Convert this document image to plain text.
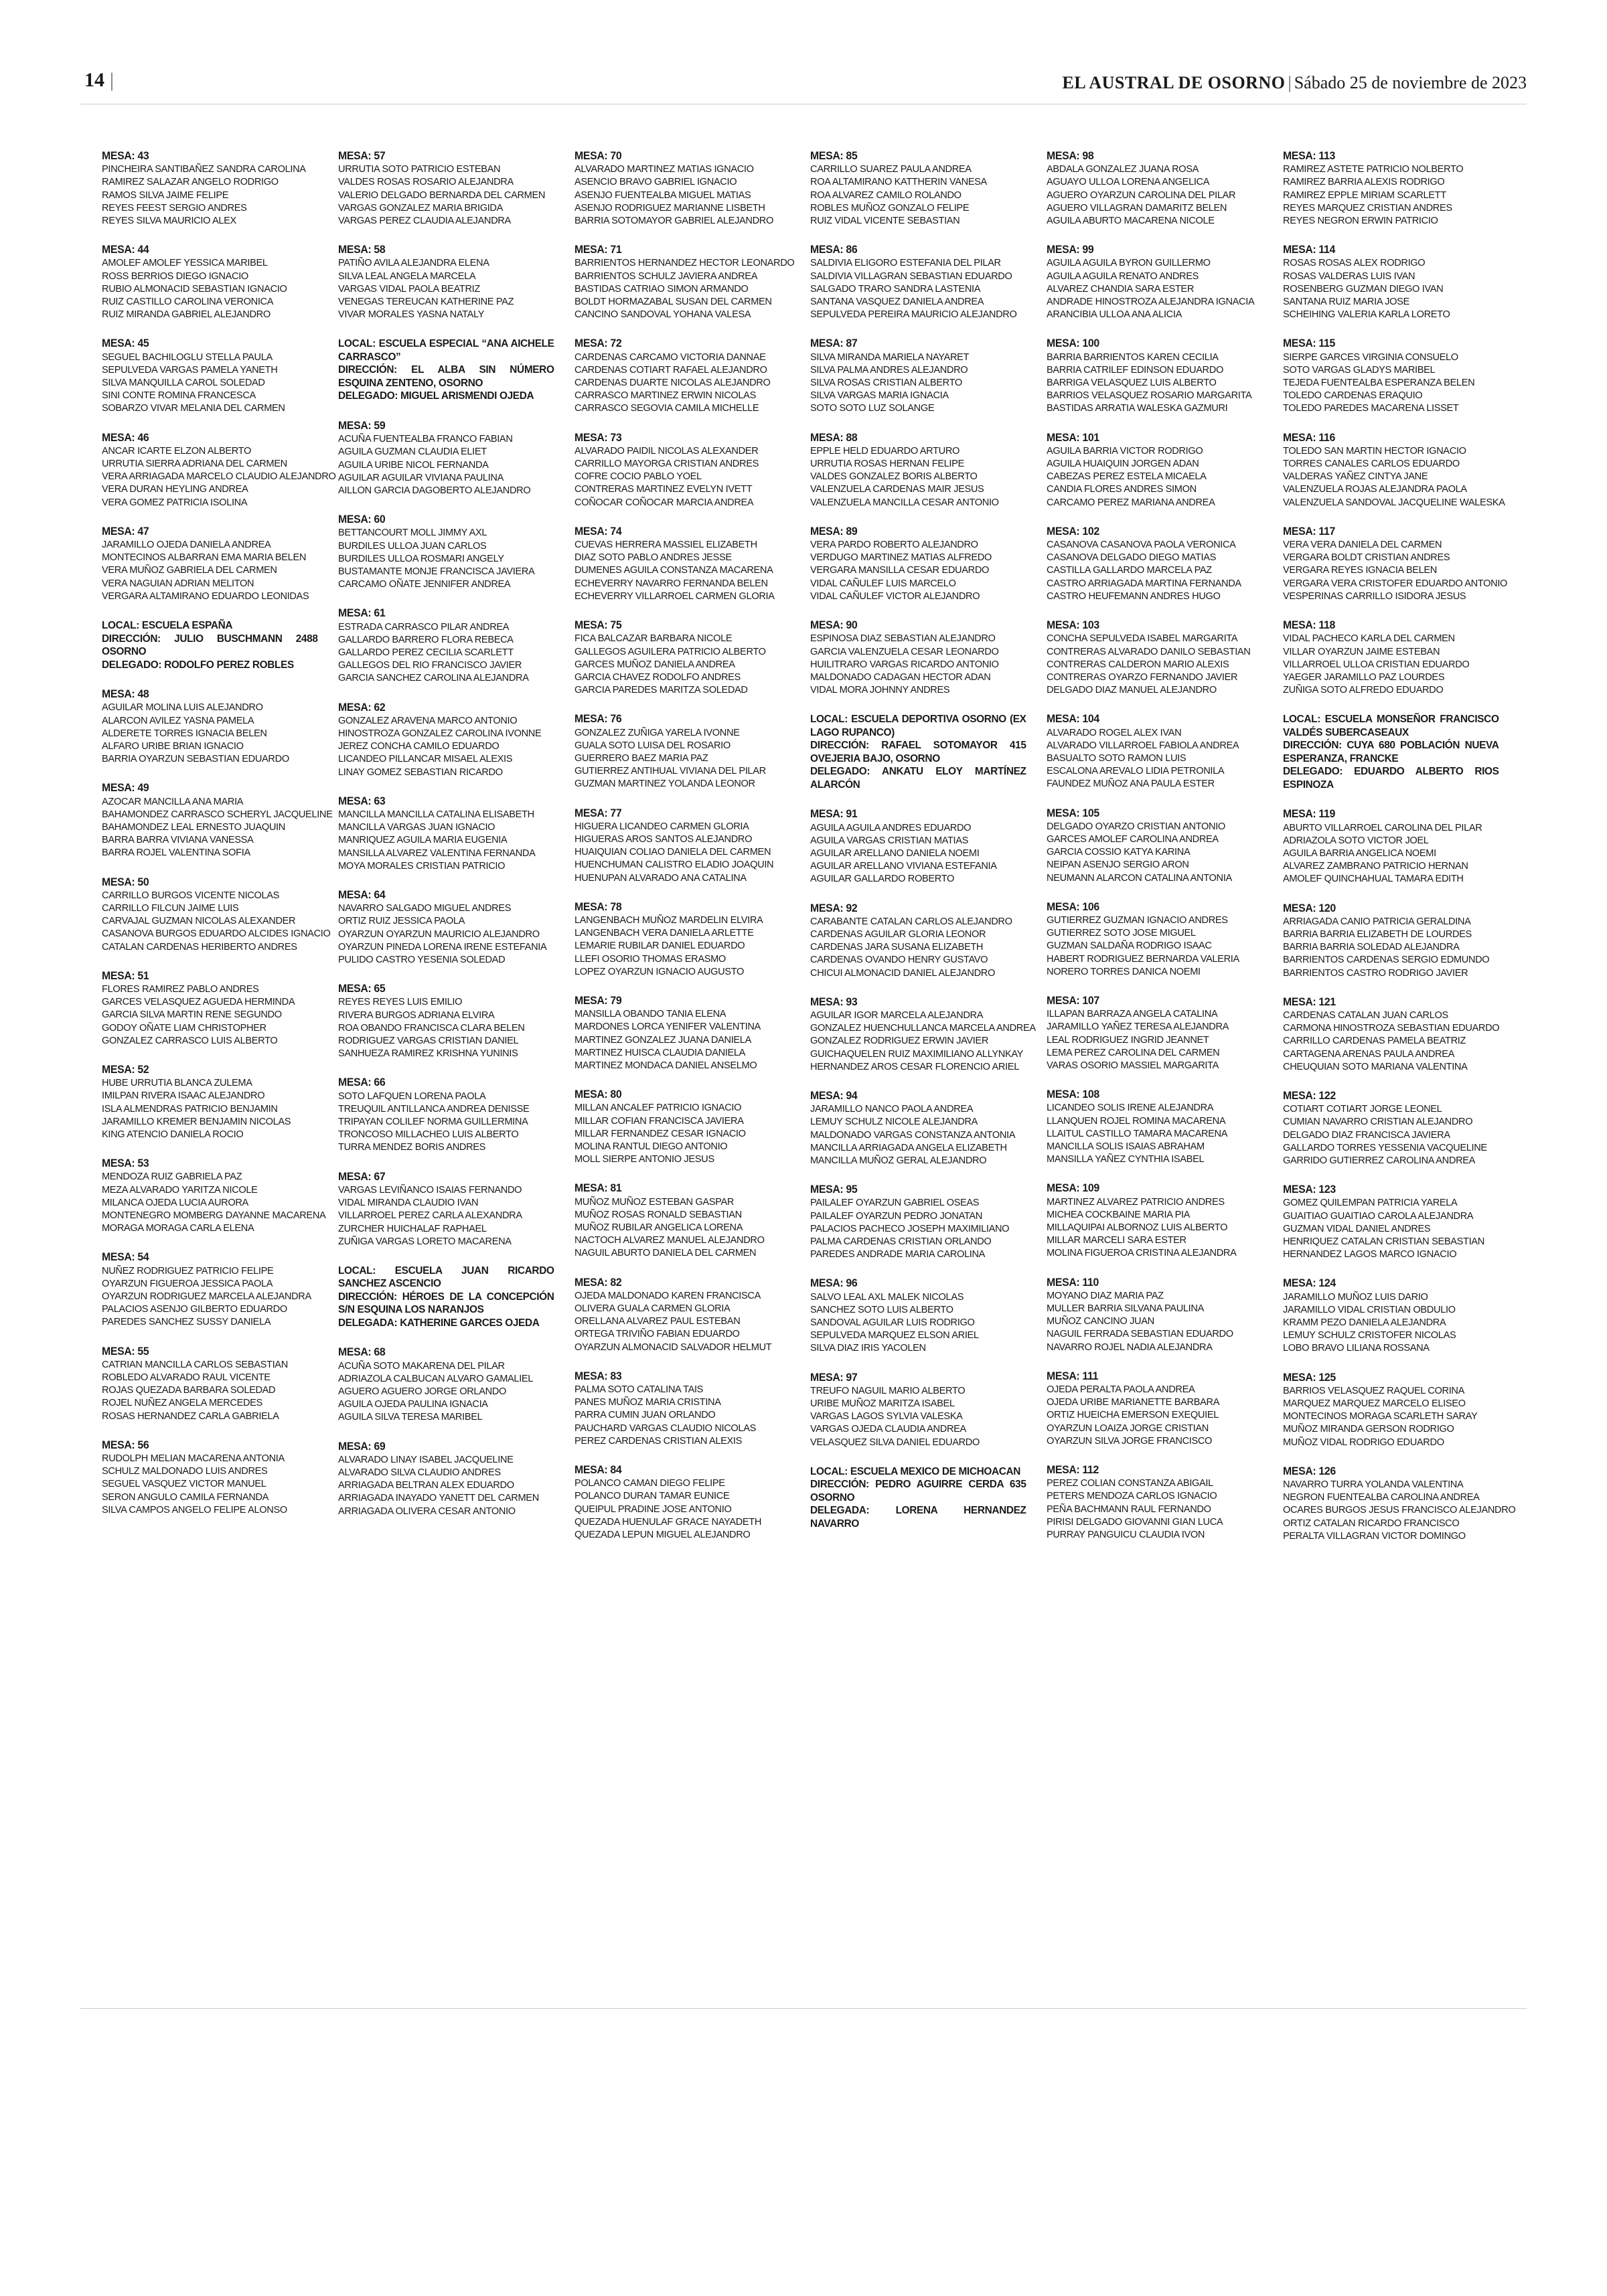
14 |	EL AUSTRAL DE OSORNO | Sábado 25 de noviembre de 2023
MESA: 43
PINCHEIRA SANTIBAÑEZ SANDRA CAROLINA
RAMIREZ SALAZAR ANGELO RODRIGO
RAMOS SILVA JAIME FELIPE
REYES FEEST SERGIO ANDRES
REYES SILVA MAURICIO ALEX
MESA: 44
AMOLEF AMOLEF YESSICA MARIBEL
ROSS BERRIOS DIEGO IGNACIO
RUBIO ALMONACID SEBASTIAN IGNACIO
RUIZ CASTILLO CAROLINA VERONICA
RUIZ MIRANDA GABRIEL ALEJANDRO
MESA: 45
SEGUEL BACHILOGLU STELLA PAULA
SEPULVEDA VARGAS PAMELA YANETH
SILVA MANQUILLA CAROL SOLEDAD
SINI CONTE ROMINA FRANCESCA
SOBARZO VIVAR MELANIA DEL CARMEN
MESA: 46
ANCAR ICARTE ELZON ALBERTO
URRUTIA SIERRA ADRIANA DEL CARMEN
VERA ARRIAGADA MARCELO CLAUDIO ALEJANDRO
VERA DURAN HEYLING ANDREA
VERA GOMEZ PATRICIA ISOLINA
MESA: 47
JARAMILLO OJEDA DANIELA ANDREA
MONTECINOS ALBARRAN EMA MARIA BELEN
VERA MUÑOZ GABRIELA DEL CARMEN
VERA NAGUIAN ADRIAN MELITON
VERGARA ALTAMIRANO EDUARDO LEONIDAS
LOCAL: ESCUELA ESPAÑA
DIRECCIÓN: JULIO BUSCHMANN 2488 OSORNO
DELEGADO: RODOLFO PEREZ ROBLES
MESA: 48
AGUILAR MOLINA LUIS ALEJANDRO
ALARCON AVILEZ YASNA PAMELA
ALDERETE TORRES IGNACIA BELEN
ALFARO URIBE BRIAN IGNACIO
BARRIA OYARZUN SEBASTIAN EDUARDO
MESA: 49
AZOCAR MANCILLA ANA MARIA
BAHAMONDEZ CARRASCO SCHERYL JACQUELINE
BAHAMONDEZ LEAL ERNESTO JUAQUIN
BARRA BARRA VIVIANA VANESSA
BARRA ROJEL VALENTINA SOFIA
MESA: 50
CARRILLO BURGOS VICENTE NICOLAS
CARRILLO FILCUN JAIME LUIS
CARVAJAL GUZMAN NICOLAS ALEXANDER
CASANOVA BURGOS EDUARDO ALCIDES IGNACIO
CATALAN CARDENAS HERIBERTO ANDRES
MESA: 51
FLORES RAMIREZ PABLO ANDRES
GARCES VELASQUEZ AGUEDA HERMINDA
GARCIA SILVA MARTIN RENE SEGUNDO
GODOY OÑATE LIAM CHRISTOPHER
GONZALEZ CARRASCO LUIS ALBERTO
MESA: 52
HUBE URRUTIA BLANCA ZULEMA
IMILPAN RIVERA ISAAC ALEJANDRO
ISLA ALMENDRAS PATRICIO BENJAMIN
JARAMILLO KREMER BENJAMIN NICOLAS
KING ATENCIO DANIELA ROCIO
MESA: 53
MENDOZA RUIZ GABRIELA PAZ
MEZA ALVARADO YARITZA NICOLE
MILANCA OJEDA LUCIA AURORA
MONTENEGRO MOMBERG DAYANNE MACARENA
MORAGA MORAGA CARLA ELENA
MESA: 54
NUÑEZ RODRIGUEZ PATRICIO FELIPE
OYARZUN FIGUEROA JESSICA PAOLA
OYARZUN RODRIGUEZ MARCELA ALEJANDRA
PALACIOS ASENJO GILBERTO EDUARDO
PAREDES SANCHEZ SUSSY DANIELA
MESA: 55
CATRIAN MANCILLA CARLOS SEBASTIAN
ROBLEDO ALVARADO RAUL VICENTE
ROJAS QUEZADA BARBARA SOLEDAD
ROJEL NUÑEZ ANGELA MERCEDES
ROSAS HERNANDEZ CARLA GABRIELA
MESA: 56
RUDOLPH MELIAN MACARENA ANTONIA
SCHULZ MALDONADO LUIS ANDRES
SEGUEL VASQUEZ VICTOR MANUEL
SERON ANGULO CAMILA FERNANDA
SILVA CAMPOS ANGELO FELIPE ALONSO
MESA: 57
URRUTIA SOTO PATRICIO ESTEBAN
VALDES ROSAS ROSARIO ALEJANDRA
VALERIO DELGADO BERNARDA DEL CARMEN
VARGAS GONZALEZ MARIA BRIGIDA
VARGAS PEREZ CLAUDIA ALEJANDRA
MESA: 58
PATIÑO AVILA ALEJANDRA ELENA
SILVA LEAL ANGELA MARCELA
VARGAS VIDAL PAOLA BEATRIZ
VENEGAS TEREUCAN KATHERINE PAZ
VIVAR MORALES YASNA NATALY
LOCAL: ESCUELA ESPECIAL “ANA AICHELE CARRASCO”
DIRECCIÓN: EL ALBA SIN NÚMERO ESQUINA ZENTENO, OSORNO
DELEGADO: MIGUEL ARISMENDI OJEDA
MESA: 59
ACUÑA FUENTEALBA FRANCO FABIAN
AGUILA GUZMAN CLAUDIA ELIET
AGUILA URIBE NICOL FERNANDA
AGUILAR AGUILAR VIVIANA PAULINA
AILLON GARCIA DAGOBERTO ALEJANDRO
MESA: 60
BETTANCOURT MOLL JIMMY AXL
BURDILES ULLOA JUAN CARLOS
BURDILES ULLOA ROSMARI ANGELY
BUSTAMANTE MONJE FRANCISCA JAVIERA
CARCAMO OÑATE JENNIFER ANDREA
MESA: 61
ESTRADA CARRASCO PILAR ANDREA
GALLARDO BARRERO FLORA REBECA
GALLARDO PEREZ CECILIA SCARLETT
GALLEGOS DEL RIO FRANCISCO JAVIER
GARCIA SANCHEZ CAROLINA ALEJANDRA
MESA: 62
GONZALEZ ARAVENA MARCO ANTONIO
HINOSTROZA GONZALEZ CAROLINA IVONNE
JEREZ CONCHA CAMILO EDUARDO
LICANDEO PILLANCAR MISAEL ALEXIS
LINAY GOMEZ SEBASTIAN RICARDO
MESA: 63
MANCILLA MANCILLA CATALINA ELISABETH
MANCILLA VARGAS JUAN IGNACIO
MANRIQUEZ AGUILA MARIA EUGENIA
MANSILLA ALVAREZ VALENTINA FERNANDA
MOYA MORALES CRISTIAN PATRICIO
MESA: 64
NAVARRO SALGADO MIGUEL ANDRES
ORTIZ RUIZ JESSICA PAOLA
OYARZUN OYARZUN MAURICIO ALEJANDRO
OYARZUN PINEDA LORENA IRENE ESTEFANIA
PULIDO CASTRO YESENIA SOLEDAD
MESA: 65
REYES REYES LUIS EMILIO
RIVERA BURGOS ADRIANA ELVIRA
ROA OBANDO FRANCISCA CLARA BELEN
RODRIGUEZ VARGAS CRISTIAN DANIEL
SANHUEZA RAMIREZ KRISHNA YUNINIS
MESA: 66
SOTO LAFQUEN LORENA PAOLA
TREUQUIL ANTILLANCA ANDREA DENISSE
TRIPAYAN COLILEF NORMA GUILLERMINA
TRONCOSO MILLACHEO LUIS ALBERTO
TURRA MENDEZ BORIS ANDRES
MESA: 67
VARGAS LEVIÑANCO ISAIAS FERNANDO
VIDAL MIRANDA CLAUDIO IVAN
VILLARROEL PEREZ CARLA ALEXANDRA
ZURCHER HUICHALAF RAPHAEL
ZUÑIGA VARGAS LORETO MACARENA
LOCAL: ESCUELA JUAN RICARDO SANCHEZ ASCENCIO
DIRECCIÓN: HÉROES DE LA CONCEPCIÓN S/N ESQUINA LOS NARANJOS
DELEGADA: KATHERINE GARCES OJEDA
MESA: 68
ACUÑA SOTO MAKARENA DEL PILAR
ADRIAZOLA CALBUCAN ALVARO GAMALIEL
AGUERO AGUERO JORGE ORLANDO
AGUILA OJEDA PAULINA IGNACIA
AGUILA SILVA TERESA MARIBEL
MESA: 69
ALVARADO LINAY ISABEL JACQUELINE
ALVARADO SILVA CLAUDIO ANDRES
ARRIAGADA BELTRAN ALEX EDUARDO
ARRIAGADA INAYADO YANETT DEL CARMEN
ARRIAGADA OLIVERA CESAR ANTONIO
MESA: 70
ALVARADO MARTINEZ MATIAS IGNACIO
ASENCIO BRAVO GABRIEL IGNACIO
ASENJO FUENTEALBA MIGUEL MATIAS
ASENJO RODRIGUEZ MARIANNE LISBETH
BARRIA SOTOMAYOR GABRIEL ALEJANDRO
MESA: 71
BARRIENTOS HERNANDEZ HECTOR LEONARDO
BARRIENTOS SCHULZ JAVIERA ANDREA
BASTIDAS CATRIAO SIMON ARMANDO
BOLDT HORMAZABAL SUSAN DEL CARMEN
CANCINO SANDOVAL YOHANA VALESA
MESA: 72
CARDENAS CARCAMO VICTORIA DANNAE
CARDENAS COTIART RAFAEL ALEJANDRO
CARDENAS DUARTE NICOLAS ALEJANDRO
CARRASCO MARTINEZ ERWIN NICOLAS
CARRASCO SEGOVIA CAMILA MICHELLE
MESA: 73
ALVARADO PAIDIL NICOLAS ALEXANDER
CARRILLO MAYORGA CRISTIAN ANDRES
COFRE COCIO PABLO YOEL
CONTRERAS MARTINEZ EVELYN IVETT
COÑOCAR COÑOCAR MARCIA ANDREA
MESA: 74
CUEVAS HERRERA MASSIEL ELIZABETH
DIAZ SOTO PABLO ANDRES JESSE
DUMENES AGUILA CONSTANZA MACARENA
ECHEVERRY NAVARRO FERNANDA BELEN
ECHEVERRY VILLARROEL CARMEN GLORIA
MESA: 75
FICA BALCAZAR BARBARA NICOLE
GALLEGOS AGUILERA PATRICIO ALBERTO
GARCES MUÑOZ DANIELA ANDREA
GARCIA CHAVEZ RODOLFO ANDRES
GARCIA PAREDES MARITZA SOLEDAD
MESA: 76
GONZALEZ ZUÑIGA YARELA IVONNE
GUALA SOTO LUISA DEL ROSARIO
GUERRERO BAEZ MARIA PAZ
GUTIERREZ ANTIHUAL VIVIANA DEL PILAR
GUZMAN MARTINEZ YOLANDA LEONOR
MESA: 77
HIGUERA LICANDEO CARMEN GLORIA
HIGUERAS AROS SANTOS ALEJANDRO
HUAIQUIAN COLIAO DANIELA DEL CARMEN
HUENCHUMAN CALISTRO ELADIO JOAQUIN
HUENUPAN ALVARADO ANA CATALINA
MESA: 78
LANGENBACH MUÑOZ MARDELIN ELVIRA
LANGENBACH VERA DANIELA ARLETTE
LEMARIE RUBILAR DANIEL EDUARDO
LLEFI OSORIO THOMAS ERASMO
LOPEZ OYARZUN IGNACIO AUGUSTO
MESA: 79
MANSILLA OBANDO TANIA ELENA
MARDONES LORCA YENIFER VALENTINA
MARTINEZ GONZALEZ JUANA DANIELA
MARTINEZ HUISCA CLAUDIA DANIELA
MARTINEZ MONDACA DANIEL ANSELMO
MESA: 80
MILLAN ANCALEF PATRICIO IGNACIO
MILLAR COFIAN FRANCISCA JAVIERA
MILLAR FERNANDEZ CESAR IGNACIO
MOLINA RANTUL DIEGO ANTONIO
MOLL SIERPE ANTONIO JESUS
MESA: 81
MUÑOZ MUÑOZ ESTEBAN GASPAR
MUÑOZ ROSAS RONALD SEBASTIAN
MUÑOZ RUBILAR ANGELICA LORENA
NACTOCH ALVAREZ MANUEL ALEJANDRO
NAGUIL ABURTO DANIELA DEL CARMEN
MESA: 82
OJEDA MALDONADO KAREN FRANCISCA
OLIVERA GUALA CARMEN GLORIA
ORELLANA ALVAREZ PAUL ESTEBAN
ORTEGA TRIVIÑO FABIAN EDUARDO
OYARZUN ALMONACID SALVADOR HELMUT
MESA: 83
PALMA SOTO CATALINA TAIS
PANES MUÑOZ MARIA CRISTINA
PARRA CUMIN JUAN ORLANDO
PAUCHARD VARGAS CLAUDIO NICOLAS
PEREZ CARDENAS CRISTIAN ALEXIS
MESA: 84
POLANCO CAMAN DIEGO FELIPE
POLANCO DURAN TAMAR EUNICE
QUEIPUL PRADINE JOSE ANTONIO
QUEZADA HUENULAF GRACE NAYADETH
QUEZADA LEPUN MIGUEL ALEJANDRO
MESA: 85
CARRILLO SUAREZ PAULA ANDREA
ROA ALTAMIRANO KATTHERIN VANESA
ROA ALVAREZ CAMILO ROLANDO
ROBLES MUÑOZ GONZALO FELIPE
RUIZ VIDAL VICENTE SEBASTIAN
MESA: 86
SALDIVIA ELIGORO ESTEFANIA DEL PILAR
SALDIVIA VILLAGRAN SEBASTIAN EDUARDO
SALGADO TRARO SANDRA LASTENIA
SANTANA VASQUEZ DANIELA ANDREA
SEPULVEDA PEREIRA MAURICIO ALEJANDRO
MESA: 87
SILVA MIRANDA MARIELA NAYARET
SILVA PALMA ANDRES ALEJANDRO
SILVA ROSAS CRISTIAN ALBERTO
SILVA VARGAS MARIA IGNACIA
SOTO SOTO LUZ SOLANGE
MESA: 88
EPPLE HELD EDUARDO ARTURO
URRUTIA ROSAS HERNAN FELIPE
VALDES GONZALEZ BORIS ALBERTO
VALENZUELA CARDENAS MAIR JESUS
VALENZUELA MANCILLA CESAR ANTONIO
MESA: 89
VERA PARDO ROBERTO ALEJANDRO
VERDUGO MARTINEZ MATIAS ALFREDO
VERGARA MANSILLA CESAR EDUARDO
VIDAL CAÑULEF LUIS MARCELO
VIDAL CAÑULEF VICTOR ALEJANDRO
MESA: 90
ESPINOSA DIAZ SEBASTIAN ALEJANDRO
GARCIA VALENZUELA CESAR LEONARDO
HUILITRARO VARGAS RICARDO ANTONIO
MALDONADO CADAGAN HECTOR ADAN
VIDAL MORA JOHNNY ANDRES
LOCAL: ESCUELA DEPORTIVA OSORNO (EX LAGO RUPANCO)
DIRECCIÓN: RAFAEL SOTOMAYOR 415 OVEJERIA BAJO, OSORNO
DELEGADO: ANKATU ELOY MARTÍNEZ ALARCÓN
MESA: 91
AGUILA AGUILA ANDRES EDUARDO
AGUILA VARGAS CRISTIAN MATIAS
AGUILAR ARELLANO DANIELA NOEMI
AGUILAR ARELLANO VIVIANA ESTEFANIA
AGUILAR GALLARDO ROBERTO
MESA: 92
CARABANTE CATALAN CARLOS ALEJANDRO
CARDENAS AGUILAR GLORIA LEONOR
CARDENAS JARA SUSANA ELIZABETH
CARDENAS OVANDO HENRY GUSTAVO
CHICUI ALMONACID DANIEL ALEJANDRO
MESA: 93
AGUILAR IGOR MARCELA ALEJANDRA
GONZALEZ HUENCHULLANCA MARCELA ANDREA
GONZALEZ RODRIGUEZ ERWIN JAVIER
GUICHAQUELEN RUIZ MAXIMILIANO ALLYNKAY
HERNANDEZ AROS CESAR FLORENCIO ARIEL
MESA: 94
JARAMILLO NANCO PAOLA ANDREA
LEMUY SCHULZ NICOLE ALEJANDRA
MALDONADO VARGAS CONSTANZA ANTONIA
MANCILLA ARRIAGADA ANGELA ELIZABETH
MANCILLA MUÑOZ GERAL ALEJANDRO
MESA: 95
PAILALEF OYARZUN GABRIEL OSEAS
PAILALEF OYARZUN PEDRO JONATAN
PALACIOS PACHECO JOSEPH MAXIMILIANO
PALMA CARDENAS CRISTIAN ORLANDO
PAREDES ANDRADE MARIA CAROLINA
MESA: 96
SALVO LEAL AXL MALEK NICOLAS
SANCHEZ SOTO LUIS ALBERTO
SANDOVAL AGUILAR LUIS RODRIGO
SEPULVEDA MARQUEZ ELSON ARIEL
SILVA DIAZ IRIS YACOLEN
MESA: 97
TREUFO NAGUIL MARIO ALBERTO
URIBE MUÑOZ MARITZA ISABEL
VARGAS LAGOS SYLVIA VALESKA
VARGAS OJEDA CLAUDIA ANDREA
VELASQUEZ SILVA DANIEL EDUARDO
LOCAL: ESCUELA MEXICO DE MICHOACAN
DIRECCIÓN: PEDRO AGUIRRE CERDA 635 OSORNO
DELEGADA: LORENA HERNANDEZ NAVARRO
MESA: 98
ABDALA GONZALEZ JUANA ROSA
AGUAYO ULLOA LORENA ANGELICA
AGUERO OYARZUN CAROLINA DEL PILAR
AGUERO VILLAGRAN DAMARITZ BELEN
AGUILA ABURTO MACARENA NICOLE
MESA: 99
AGUILA AGUILA BYRON GUILLERMO
AGUILA AGUILA RENATO ANDRES
ALVAREZ CHANDIA SARA ESTER
ANDRADE HINOSTROZA ALEJANDRA IGNACIA
ARANCIBIA ULLOA ANA ALICIA
MESA: 100
BARRIA BARRIENTOS KAREN CECILIA
BARRIA CATRILEF EDINSON EDUARDO
BARRIGA VELASQUEZ LUIS ALBERTO
BARRIOS VELASQUEZ ROSARIO MARGARITA
BASTIDAS ARRATIA WALESKA GAZMURI
MESA: 101
AGUILA BARRIA VICTOR RODRIGO
AGUILA HUAIQUIN JORGEN ADAN
CABEZAS PEREZ ESTELA MICAELA
CANDIA FLORES ANDRES SIMON
CARCAMO PEREZ MARIANA ANDREA
MESA: 102
CASANOVA CASANOVA PAOLA VERONICA
CASANOVA DELGADO DIEGO MATIAS
CASTILLA GALLARDO MARCELA PAZ
CASTRO ARRIAGADA MARTINA FERNANDA
CASTRO HEUFEMANN ANDRES HUGO
MESA: 103
CONCHA SEPULVEDA ISABEL MARGARITA
CONTRERAS ALVARADO DANILO SEBASTIAN
CONTRERAS CALDERON MARIO ALEXIS
CONTRERAS OYARZO FERNANDO JAVIER
DELGADO DIAZ MANUEL ALEJANDRO
MESA: 104
ALVARADO ROGEL ALEX IVAN
ALVARADO VILLARROEL FABIOLA ANDREA
BASUALTO SOTO RAMON LUIS
ESCALONA AREVALO LIDIA PETRONILA
FAUNDEZ MUÑOZ ANA PAULA ESTER
MESA: 105
DELGADO OYARZO CRISTIAN ANTONIO
GARCES AMOLEF CAROLINA ANDREA
GARCIA COSSIO KATYA KARINA
NEIPAN ASENJO SERGIO ARON
NEUMANN ALARCON CATALINA ANTONIA
MESA: 106
GUTIERREZ GUZMAN IGNACIO ANDRES
GUTIERREZ SOTO JOSE MIGUEL
GUZMAN SALDAÑA RODRIGO ISAAC
HABERT RODRIGUEZ BERNARDA VALERIA
NORERO TORRES DANICA NOEMI
MESA: 107
ILLAPAN BARRAZA ANGELA CATALINA
JARAMILLO YAÑEZ TERESA ALEJANDRA
LEAL RODRIGUEZ INGRID JEANNET
LEMA PEREZ CAROLINA DEL CARMEN
VARAS OSORIO MASSIEL MARGARITA
MESA: 108
LICANDEO SOLIS IRENE ALEJANDRA
LLANQUEN ROJEL ROMINA MACARENA
LLAITUL CASTILLO TAMARA MACARENA
MANCILLA SOLIS ISAIAS ABRAHAM
MANSILLA YAÑEZ CYNTHIA ISABEL
MESA: 109
MARTINEZ ALVAREZ PATRICIO ANDRES
MICHEA COCKBAINE MARIA PIA
MILLAQUIPAI ALBORNOZ LUIS ALBERTO
MILLAR MARCELI SARA ESTER
MOLINA FIGUEROA CRISTINA ALEJANDRA
MESA: 110
MOYANO DIAZ MARIA PAZ
MULLER BARRIA SILVANA PAULINA
MUÑOZ CANCINO JUAN
NAGUIL FERRADA SEBASTIAN EDUARDO
NAVARRO ROJEL NADIA ALEJANDRA
MESA: 111
OJEDA PERALTA PAOLA ANDREA
OJEDA URIBE MARIANETTE BARBARA
ORTIZ HUEICHA EMERSON EXEQUIEL
OYARZUN LOAIZA JORGE CRISTIAN
OYARZUN SILVA JORGE FRANCISCO
MESA: 112
PEREZ COLIAN CONSTANZA ABIGAIL
PETERS MENDOZA CARLOS IGNACIO
PEÑA BACHMANN RAUL FERNANDO
PIRISI DELGADO GIOVANNI GIAN LUCA
PURRAY PANGUICU CLAUDIA IVON
MESA: 113
RAMIREZ ASTETE PATRICIO NOLBERTO
RAMIREZ BARRIA ALEXIS RODRIGO
RAMIREZ EPPLE MIRIAM SCARLETT
REYES MARQUEZ CRISTIAN ANDRES
REYES NEGRON ERWIN PATRICIO
MESA: 114
ROSAS ROSAS ALEX RODRIGO
ROSAS VALDERAS LUIS IVAN
ROSENBERG GUZMAN DIEGO IVAN
SANTANA RUIZ MARIA JOSE
SCHEIHING VALERIA KARLA LORETO
MESA: 115
SIERPE GARCES VIRGINIA CONSUELO
SOTO VARGAS GLADYS MARIBEL
TEJEDA FUENTEALBA ESPERANZA BELEN
TOLEDO CARDENAS ERAQUIO
TOLEDO PAREDES MACARENA LISSET
MESA: 116
TOLEDO SAN MARTIN HECTOR IGNACIO
TORRES CANALES CARLOS EDUARDO
VALDERAS YAÑEZ CINTYA JANE
VALENZUELA ROJAS ALEJANDRA PAOLA
VALENZUELA SANDOVAL JACQUELINE WALESKA
MESA: 117
VERA VERA DANIELA DEL CARMEN
VERGARA BOLDT CRISTIAN ANDRES
VERGARA REYES IGNACIA BELEN
VERGARA VERA CRISTOFER EDUARDO ANTONIO
VESPERINAS CARRILLO ISIDORA JESUS
MESA: 118
VIDAL PACHECO KARLA DEL CARMEN
VILLAR OYARZUN JAIME ESTEBAN
VILLARROEL ULLOA CRISTIAN EDUARDO
YAEGER JARAMILLO PAZ LOURDES
ZUÑIGA SOTO ALFREDO EDUARDO
LOCAL: ESCUELA MONSEÑOR FRANCISCO VALDÉS SUBERCASEAUX
DIRECCIÓN: CUYA 680 POBLACIÓN NUEVA ESPERANZA, FRANCKE
DELEGADO: EDUARDO ALBERTO RIOS ESPINOZA
MESA: 119
ABURTO VILLARROEL CAROLINA DEL PILAR
ADRIAZOLA SOTO VICTOR JOEL
AGUILA BARRIA ANGELICA NOEMI
ALVAREZ ZAMBRANO PATRICIO HERNAN
AMOLEF QUINCHAHUAL TAMARA EDITH
MESA: 120
ARRIAGADA CANIO PATRICIA GERALDINA
BARRIA BARRIA ELIZABETH DE LOURDES
BARRIA BARRIA SOLEDAD ALEJANDRA
BARRIENTOS CARDENAS SERGIO EDMUNDO
BARRIENTOS CASTRO RODRIGO JAVIER
MESA: 121
CARDENAS CATALAN JUAN CARLOS
CARMONA HINOSTROZA SEBASTIAN EDUARDO
CARRILLO CARDENAS PAMELA BEATRIZ
CARTAGENA ARENAS PAULA ANDREA
CHEUQUIAN SOTO MARIANA VALENTINA
MESA: 122
COTIART COTIART JORGE LEONEL
CUMIAN NAVARRO CRISTIAN ALEJANDRO
DELGADO DIAZ FRANCISCA JAVIERA
GALLARDO TORRES YESSENIA VACQUELINE
GARRIDO GUTIERREZ CAROLINA ANDREA
MESA: 123
GOMEZ QUILEMPAN PATRICIA YARELA
GUAITIAO GUAITIAO CAROLA ALEJANDRA
GUZMAN VIDAL DANIEL ANDRES
HENRIQUEZ CATALAN CRISTIAN SEBASTIAN
HERNANDEZ LAGOS MARCO IGNACIO
MESA: 124
JARAMILLO MUÑOZ LUIS DARIO
JARAMILLO VIDAL CRISTIAN OBDULIO
KRAMM PEZO DANIELA ALEJANDRA
LEMUY SCHULZ CRISTOFER NICOLAS
LOBO BRAVO LILIANA ROSSANA
MESA: 125
BARRIOS VELASQUEZ RAQUEL CORINA
MARQUEZ MARQUEZ MARCELO ELISEO
MONTECINOS MORAGA SCARLETH SARAY
MUÑOZ MIRANDA GERSON RODRIGO
MUÑOZ VIDAL RODRIGO EDUARDO
MESA: 126
NAVARRO TURRA YOLANDA VALENTINA
NEGRON FUENTEALBA CAROLINA ANDREA
OCARES BURGOS JESUS FRANCISCO ALEJANDRO
ORTIZ CATALAN RICARDO FRANCISCO
PERALTA VILLAGRAN VICTOR DOMINGO
